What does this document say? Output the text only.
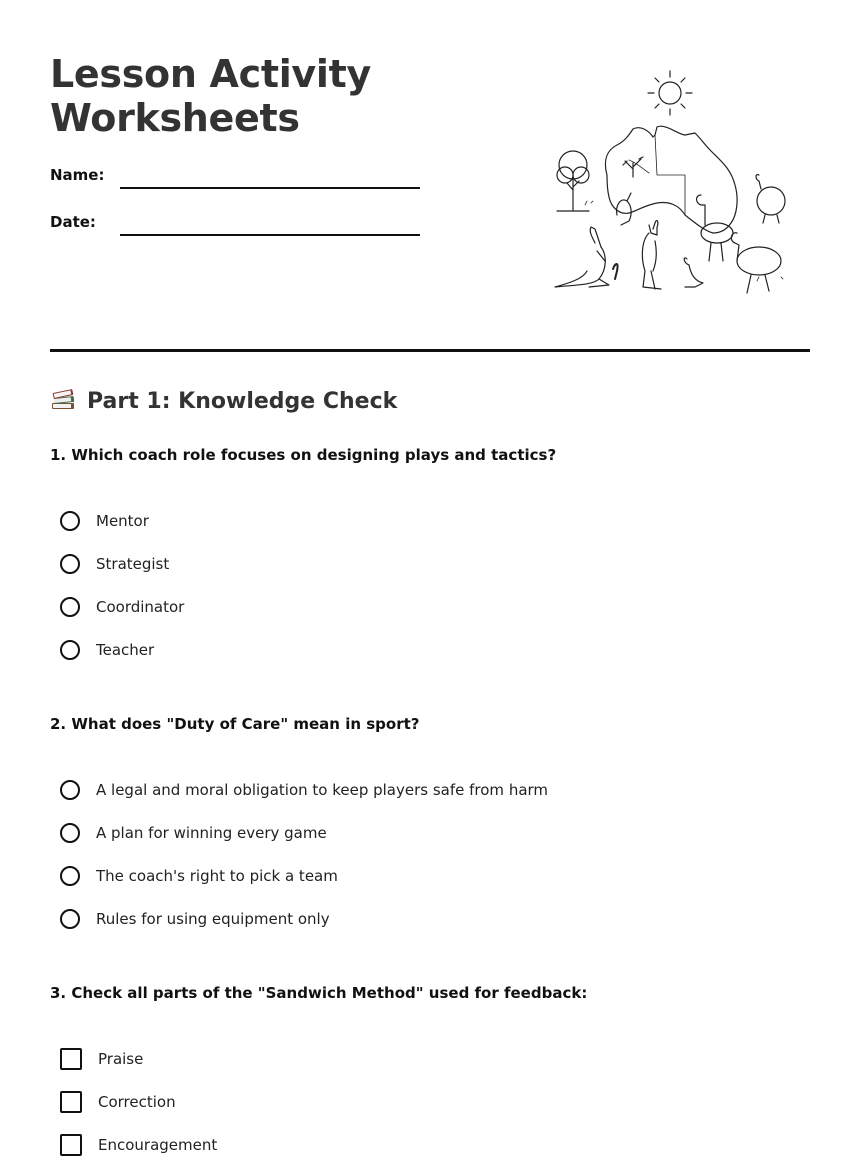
Lesson Activity
Worksheets
Name:
Date:
Part 1: Knowledge Check

1. Which coach role focuses on designing plays and tactics?

Mentor
Strategist
Coordinator
Teacher

2. What does "Duty of Care" mean in sport?

A legal and moral obligation to keep players safe from harm
A plan for winning every game
The coach's right to pick a team
Rules for using equipment only

3. Check all parts of the "Sandwich Method" used for feedback:

Praise
Correction
Encouragement
